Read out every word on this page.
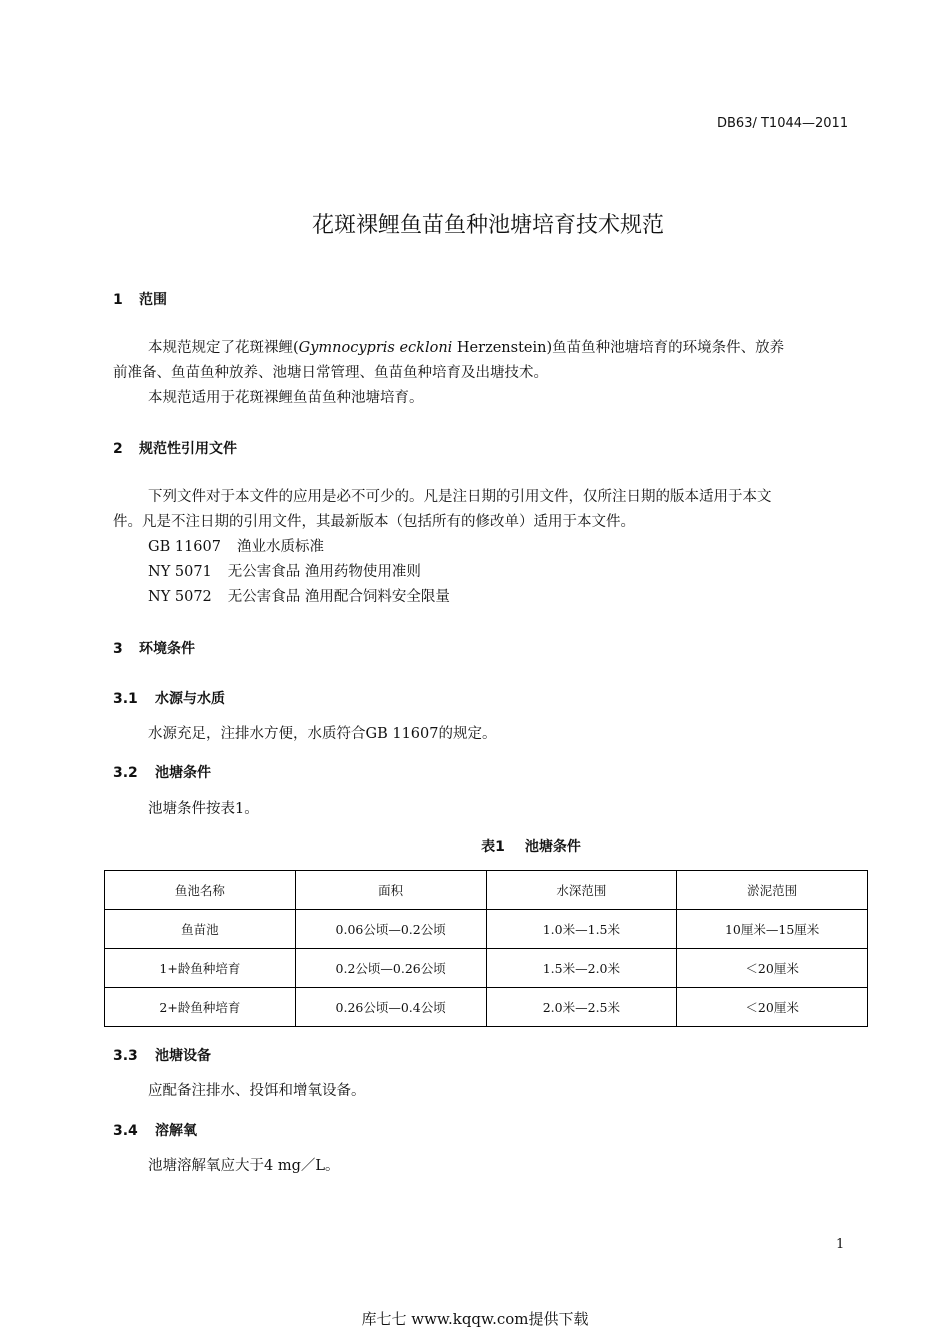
DB63/ T1044—2011
花斑裸鲤鱼苗鱼种池塘培育技术规范
1 范围
本规范规定了花斑裸鲤(Gymnocypris eckloni Herzenstein)鱼苗鱼种池塘培育的环境条件、放养
前准备、鱼苗鱼种放养、池塘日常管理、鱼苗鱼种培育及出塘技术。
本规范适用于花斑裸鲤鱼苗鱼种池塘培育。
2 规范性引用文件
下列文件对于本文件的应用是必不可少的。凡是注日期的引用文件，仅所注日期的版本适用于本文
件。凡是不注日期的引用文件，其最新版本（包括所有的修改单）适用于本文件。
GB 11607 渔业水质标准
NY 5071 无公害食品 渔用药物使用准则
NY 5072 无公害食品 渔用配合饲料安全限量
3 环境条件
3.1 水源与水质
水源充足，注排水方便，水质符合GB 11607的规定。
3.2 池塘条件
池塘条件按表1。
表1 池塘条件
鱼池名称	面积	水深范围	淤泥范围
鱼苗池	0.06公顷—0.2公顷	1.0米—1.5米	10厘米—15厘米
1+龄鱼种培育	0.2公顷—0.26公顷	1.5米—2.0米	＜20厘米
2+龄鱼种培育	0.26公顷—0.4公顷	2.0米—2.5米	＜20厘米
3.3 池塘设备
应配备注排水、投饵和增氧设备。
3.4 溶解氧
池塘溶解氧应大于4 mg／L。
1
库七七 www.kqqw.com提供下载
